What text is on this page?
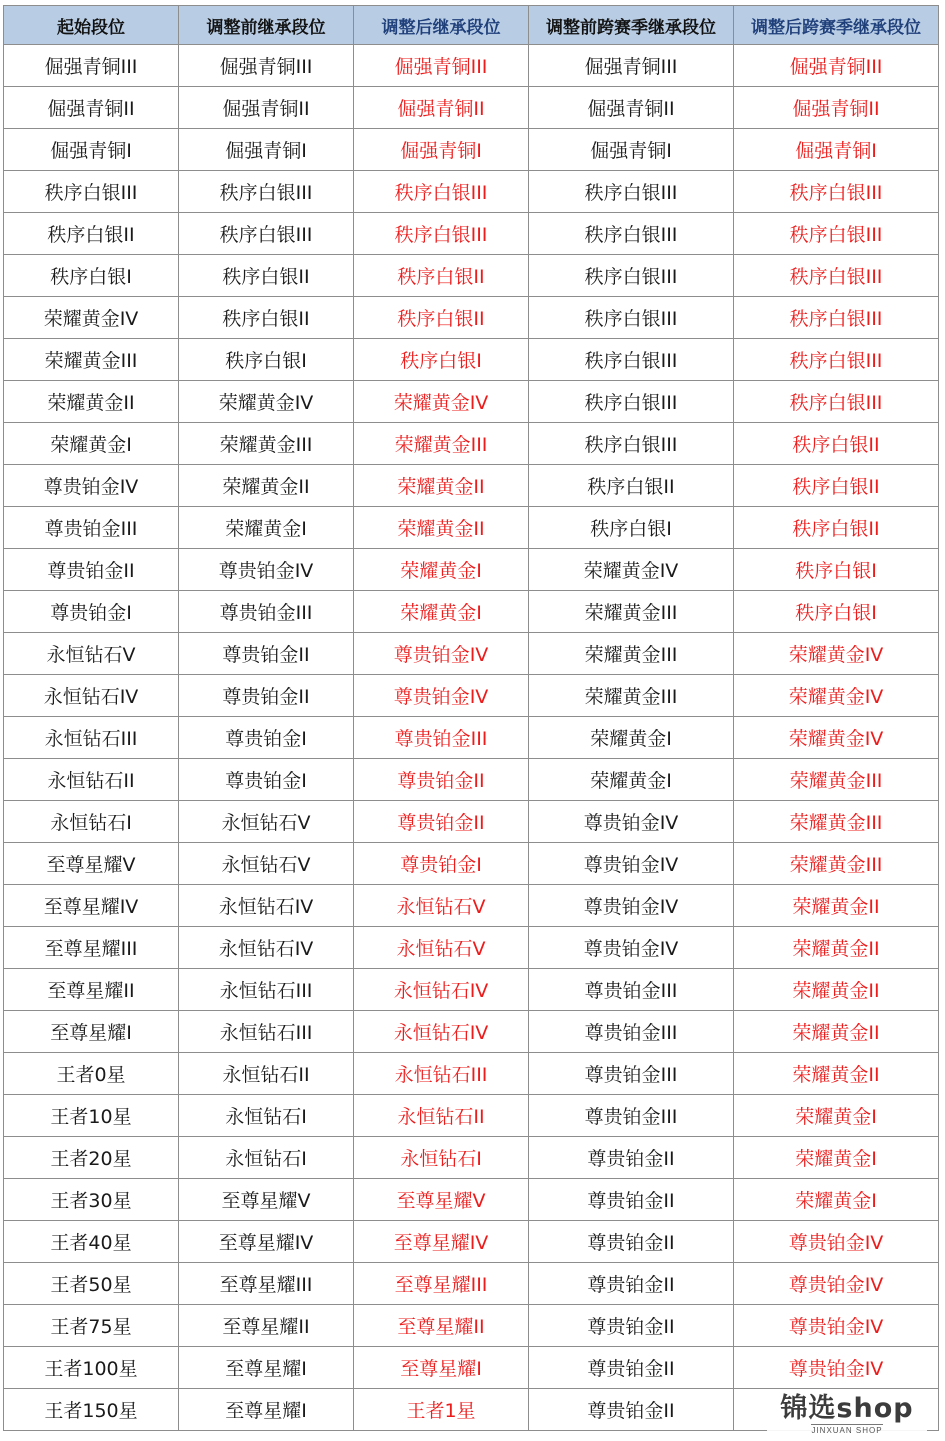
起始段位	调整前继承段位	调整后继承段位	调整前跨赛季继承段位	调整后跨赛季继承段位
倔强青铜III	倔强青铜III	倔强青铜III	倔强青铜III	倔强青铜III
倔强青铜II	倔强青铜II	倔强青铜II	倔强青铜II	倔强青铜II
倔强青铜I	倔强青铜I	倔强青铜I	倔强青铜I	倔强青铜I
秩序白银III	秩序白银III	秩序白银III	秩序白银III	秩序白银III
秩序白银II	秩序白银III	秩序白银III	秩序白银III	秩序白银III
秩序白银I	秩序白银II	秩序白银II	秩序白银III	秩序白银III
荣耀黄金IV	秩序白银II	秩序白银II	秩序白银III	秩序白银III
荣耀黄金III	秩序白银I	秩序白银I	秩序白银III	秩序白银III
荣耀黄金II	荣耀黄金IV	荣耀黄金IV	秩序白银III	秩序白银III
荣耀黄金I	荣耀黄金III	荣耀黄金III	秩序白银III	秩序白银II
尊贵铂金IV	荣耀黄金II	荣耀黄金II	秩序白银II	秩序白银II
尊贵铂金III	荣耀黄金I	荣耀黄金II	秩序白银I	秩序白银II
尊贵铂金II	尊贵铂金IV	荣耀黄金I	荣耀黄金IV	秩序白银I
尊贵铂金I	尊贵铂金III	荣耀黄金I	荣耀黄金III	秩序白银I
永恒钻石V	尊贵铂金II	尊贵铂金IV	荣耀黄金III	荣耀黄金IV
永恒钻石IV	尊贵铂金II	尊贵铂金IV	荣耀黄金III	荣耀黄金IV
永恒钻石III	尊贵铂金I	尊贵铂金III	荣耀黄金I	荣耀黄金IV
永恒钻石II	尊贵铂金I	尊贵铂金II	荣耀黄金I	荣耀黄金III
永恒钻石I	永恒钻石V	尊贵铂金II	尊贵铂金IV	荣耀黄金III
至尊星耀V	永恒钻石V	尊贵铂金I	尊贵铂金IV	荣耀黄金III
至尊星耀IV	永恒钻石IV	永恒钻石V	尊贵铂金IV	荣耀黄金II
至尊星耀III	永恒钻石IV	永恒钻石V	尊贵铂金IV	荣耀黄金II
至尊星耀II	永恒钻石III	永恒钻石IV	尊贵铂金III	荣耀黄金II
至尊星耀I	永恒钻石III	永恒钻石IV	尊贵铂金III	荣耀黄金II
王者0星	永恒钻石II	永恒钻石III	尊贵铂金III	荣耀黄金II
王者10星	永恒钻石I	永恒钻石II	尊贵铂金III	荣耀黄金I
王者20星	永恒钻石I	永恒钻石I	尊贵铂金II	荣耀黄金I
王者30星	至尊星耀V	至尊星耀V	尊贵铂金II	荣耀黄金I
王者40星	至尊星耀IV	至尊星耀IV	尊贵铂金II	尊贵铂金IV
王者50星	至尊星耀III	至尊星耀III	尊贵铂金II	尊贵铂金IV
王者75星	至尊星耀II	至尊星耀II	尊贵铂金II	尊贵铂金IV
王者100星	至尊星耀I	至尊星耀I	尊贵铂金II	尊贵铂金IV
王者150星	至尊星耀I	王者1星	尊贵铂金II		锦选shop
JINXUAN SHOP
